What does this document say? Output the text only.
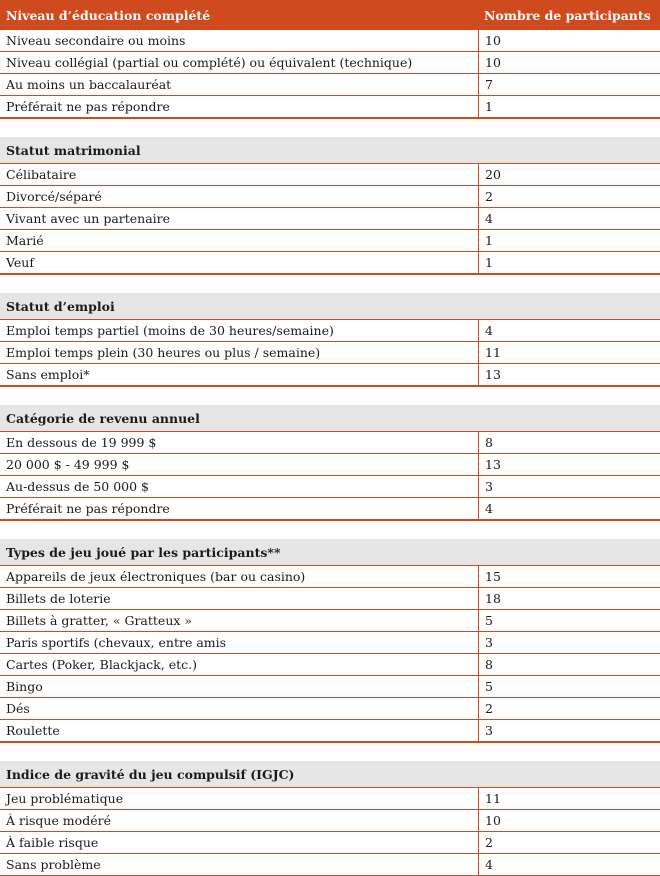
Niveau d’éducation complété	Nombre de participants
Niveau secondaire ou moins	10
Niveau collégial (partial ou complété) ou équivalent (technique)	10
Au moins un baccalauréat	7
Préférait ne pas répondre	1
Statut matrimonial
Célibataire	20
Divorcé/séparé	2
Vivant avec un partenaire	4
Marié	1
Veuf	1
Statut d’emploi
Emploi temps partiel (moins de 30 heures/semaine)	4
Emploi temps plein (30 heures ou plus / semaine)	11
Sans emploi*	13
Catégorie de revenu annuel
En dessous de 19 999 $	8
20 000 $ - 49 999 $	13
Au-dessus de 50 000 $	3
Préférait ne pas répondre	4
Types de jeu joué par les participants**
Appareils de jeux électroniques (bar ou casino)	15
Billets de loterie	18
Billets à gratter, « Gratteux »	5
Paris sportifs (chevaux, entre amis	3
Cartes (Poker, Blackjack, etc.)	8
Bingo	5
Dés	2
Roulette	3
Indice de gravité du jeu compulsif (IGJC)
Jeu problématique	11
À risque modéré	10
À faible risque	2
Sans problème	4
